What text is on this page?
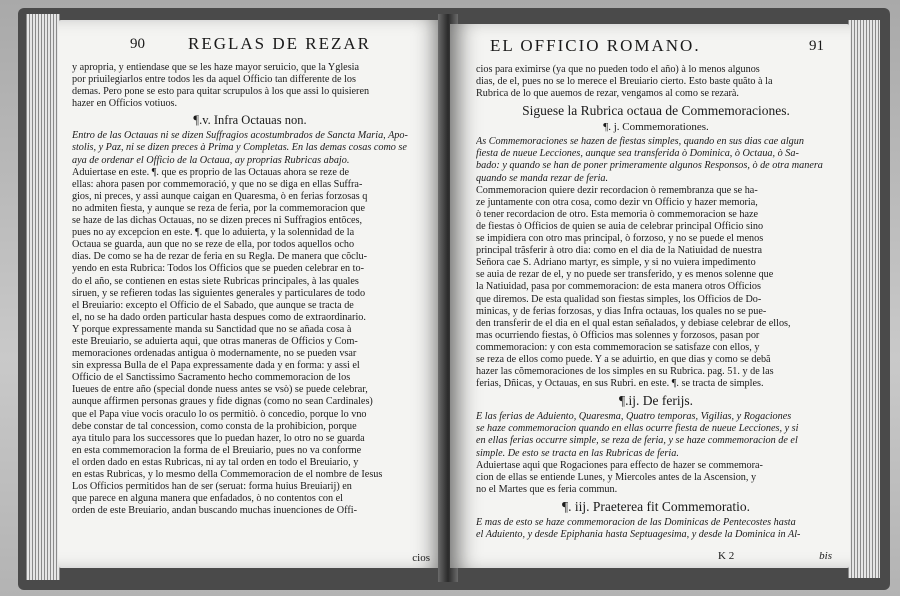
90	REGLAS DE REZAR
y apropria, y entiendase que se les haze mayor seruicio, que la Yglesia
por priuilegiarlos entre todos les da aquel Officio tan differente de los
demas. Pero pone se esto para quitar scrupulos à los que assi lo quisieren
hazer en Officios votiuos.
¶.v. Infra Octauas non.
Entro de las Octauas ni se dizen Suffragios acostumbrados de Sancta Maria, Apo-
stolis, y Paz, ni se dizen preces à Prima y Completas. En las demas cosas como se
aya de ordenar el Officio de la Octaua, ay proprias Rubricas abajo.
Aduiertase en este. ¶. que es proprio de las Octauas ahora se reze de
ellas: ahora pasen por commemoració, y que no se diga en ellas Suffra-
gios, ni preces, y assi aunque caigan en Quaresma, ò en ferias forzosas q
no admiten fiesta, y aunque se reza de feria, por la commemoracion que
se haze de las dichas Octauas, no se dizen preces ni Suffragios entõces,
pues no ay excepcion en este. ¶. que lo aduierta, y la solennidad de la
Octaua se guarda, aun que no se reze de ella, por todos aquellos ocho
dias. De como se ha de rezar de feria en su Regla. De manera que cõclu-
yendo en esta Rubrica: Todos los Officios que se pueden celebrar en to-
do el año, se contienen en estas siete Rubricas principales, à las quales
siruen, y se refieren todas las siguientes generales y particulares de todo
el Breuiario: excepto el Officio de el Sabado, que aunque se tracta de
el, no se ha dado orden particular hasta despues como de extraordinario.
Y porque expressamente manda su Sanctidad que no se añada cosa à
este Breuiario, se aduierta aqui, que otras maneras de Officios y Com-
memoraciones ordenadas antigua ò modernamente, no se pueden vsar
sin expressa Bulla de el Papa expressamente dada y en forma: y assi el
Officio de el Sanctissimo Sacramento hecho commemoracion de los
Iueues de entre año (special donde nuess antes se vsò) se puede celebrar,
aunque affirmen personas graues y fide dignas (como no sean Cardinales)
que el Papa viue vocis oraculo lo os permitiò. ò concedio, porque lo vno
debe constar de tal concession, como consta de la prohibicion, porque
aya titulo para los successores que lo puedan hazer, lo otro no se guarda
en esta commemoracion la forma de el Breuiario, pues no va conforme
el orden dado en estas Rubricas, ni ay tal orden en todo el Breuiario, y
en estas Rubricas, y lo mesmo della Commemoracion de el nombre de Iesus
Los Officios permitidos han de ser (seruat: forma huius Breuiarij) en
que parece en alguna manera que enfadados, ò no contentos con el
orden de este Breuiario, andan buscando muchas inuenciones de Offi-
cios
EL OFFICIO ROMANO.	91
cios para eximirse (ya que no pueden todo el año) à lo menos algunos
dias, de el, pues no se lo merece el Breuiario cierto. Esto baste quãto à la
Rubrica de lo que auemos de rezar, vengamos al como se rezarà.
Siguese la Rubrica octaua de Commemoraciones.
¶. j. Commemorationes.
As Commemoraciones se hazen de fiestas simples, quando en sus dias cae algun
fiesta de nueue Lecciones, aunque sea transferida ò Dominica, ò Octaua, ò Sa-
bado: y quando se han de poner primeramente algunos Responsos, ò de otra manera
quando se manda rezar de feria.
Commemoracion quiere dezir recordacion ò remembranza que se ha-
ze juntamente con otra cosa, como dezir vn Officio y hazer memoria,
ò tener recordacion de otro. Esta memoria ò commemoracion se haze
de fiestas ò Officios de quien se auia de celebrar principal Officio sino
se impidiera con otro mas principal, ò forzoso, y no se puede el menos
principal trãsferir à otro dia: como en el dia de la Natiuidad de nuestra
Señora cae S. Adriano martyr, es simple, y si no vuiera impedimento
se auia de rezar de el, y no puede ser transferido, y es menos solenne que
la Natiuidad, pasa por commemoracion: de esta manera otros Officios
que diremos. De esta qualidad son fiestas simples, los Officios de Do-
minicas, y de ferias forzosas, y dias Infra octauas, los quales no se pue-
den transferir de el dia en el qual estan señalados, y debiase celebrar de ellos,
mas ocurriendo fiestas, ò Officios mas solennes y forzosos, pasan por
commemoracion: y con esta commemoracion se satisfaze con ellos, y
se reza de ellos como puede. Y a se aduirtio, en que dias y como se debã
hazer las cõmemoraciones de los simples en su Rubrica. pag. 51. y de las
ferias, Dñicas, y Octauas, en sus Rubri. en este. ¶. se tracta de simples.
¶.ij. De ferijs.
E las ferias de Aduiento, Quaresma, Quatro temporas, Vigilias, y Rogaciones
se haze commemoracion quando en ellas ocurre fiesta de nueue Lecciones, y si
en ellas ferias occurre simple, se reza de feria, y se haze commemoracion de el
simple. De esto se tracta en las Rubricas de feria.
Aduiertase aqui que Rogaciones para effecto de hazer se commemora-
cion de ellas se entiende Lunes, y Miercoles antes de la Ascension, y
no el Martes que es feria commun.
¶. iij. Praeterea fit Commemoratio.
E mas de esto se haze commemoracion de las Dominicas de Pentecostes hasta
el Aduiento, y desde Epiphania hasta Septuagesima, y desde la Dominica in Al-
K 2	bis
